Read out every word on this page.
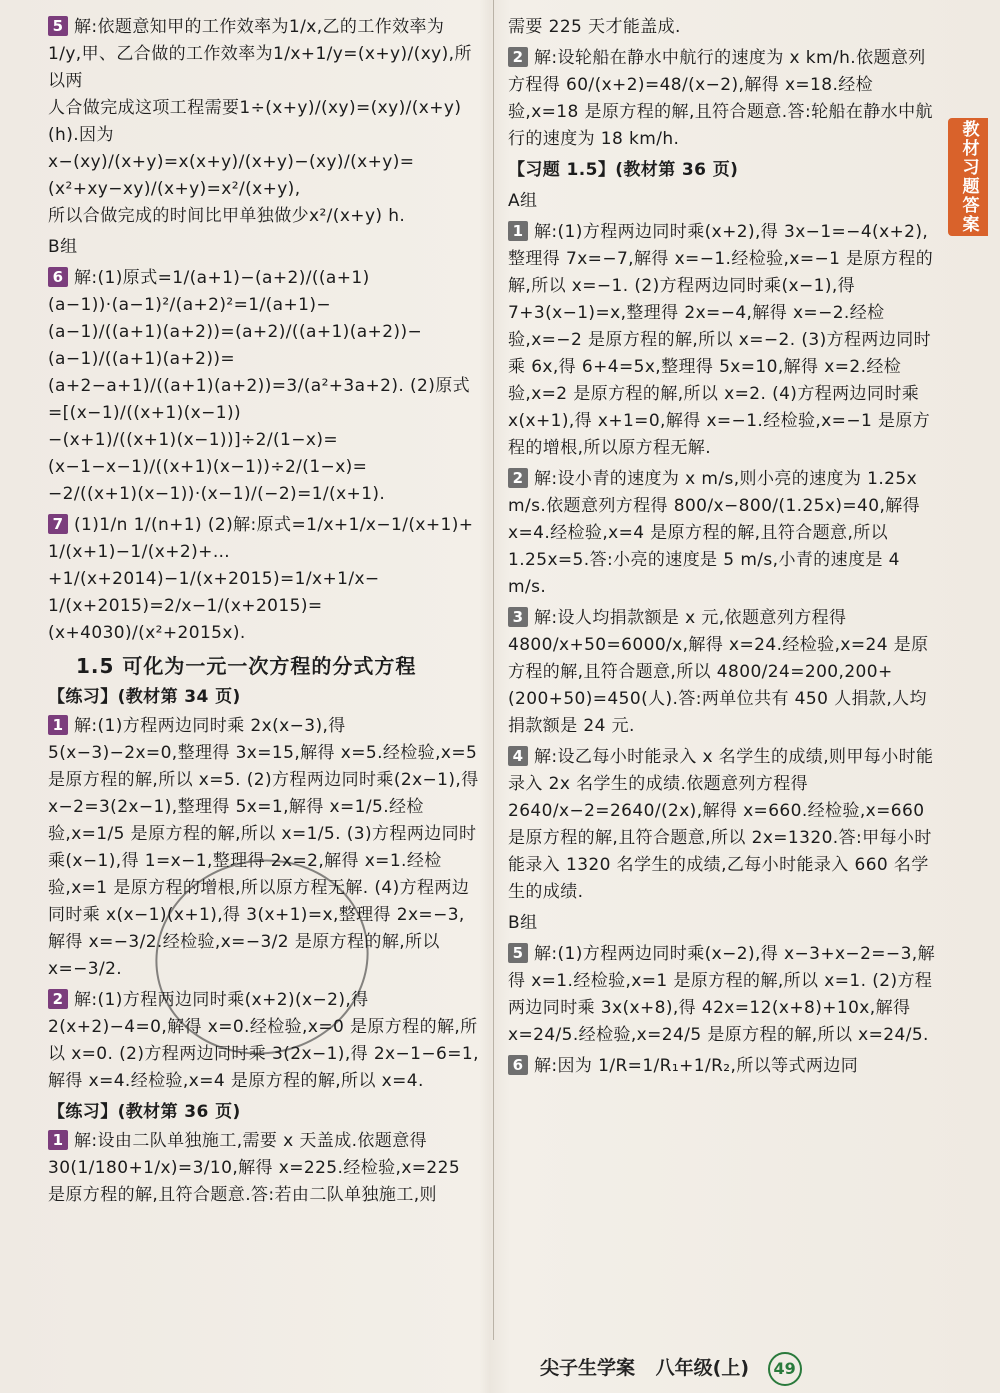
5 解:依题意知甲的工作效率为1/x,乙的工作效率为
1/y,甲、乙合做的工作效率为1/x+1/y=(x+y)/(xy),所以两
人合做完成这项工程需要1÷(x+y)/(xy)=(xy)/(x+y)(h).因为
x−(xy)/(x+y)=x(x+y)/(x+y)−(xy)/(x+y)=(x²+xy−xy)/(x+y)=x²/(x+y),
所以合做完成的时间比甲单独做少x²/(x+y) h.

B组

6 解:(1)原式=1/(a+1)−(a+2)/((a+1)(a−1))·(a−1)²/(a+2)²=1/(a+1)−
(a−1)/((a+1)(a+2))=(a+2)/((a+1)(a+2))−(a−1)/((a+1)(a+2))=
(a+2−a+1)/((a+1)(a+2))=3/(a²+3a+2). (2)原式=[(x−1)/((x+1)(x−1))
−(x+1)/((x+1)(x−1))]÷2/(1−x)=(x−1−x−1)/((x+1)(x−1))÷2/(1−x)=
−2/((x+1)(x−1))·(x−1)/(−2)=1/(x+1).

7 (1)1/n 1/(n+1) (2)解:原式=1/x+1/x−1/(x+1)+
1/(x+1)−1/(x+2)+…+1/(x+2014)−1/(x+2015)=1/x+1/x−
1/(x+2015)=2/x−1/(x+2015)=(x+4030)/(x²+2015x).

1.5 可化为一元一次方程的分式方程
【练习】(教材第 34 页)

1 解:(1)方程两边同时乘 2x(x−3),得 5(x−3)−2x=0,整理得 3x=15,解得 x=5.经检验,x=5 是原方程的解,所以 x=5. (2)方程两边同时乘(2x−1),得 x−2=3(2x−1),整理得 5x=1,解得 x=1/5.经检验,x=1/5 是原方程的解,所以 x=1/5. (3)方程两边同时乘(x−1),得 1=x−1,整理得 2x=2,解得 x=1.经检验,x=1 是原方程的增根,所以原方程无解. (4)方程两边同时乘 x(x−1)(x+1),得 3(x+1)=x,整理得 2x=−3,解得 x=−3/2.经检验,x=−3/2 是原方程的解,所以 x=−3/2.

2 解:(1)方程两边同时乘(x+2)(x−2),得 2(x+2)−4=0,解得 x=0.经检验,x=0 是原方程的解,所以 x=0. (2)方程两边同时乘 3(2x−1),得 2x−1−6=1,解得 x=4.经检验,x=4 是原方程的解,所以 x=4.

【练习】(教材第 36 页)

1 解:设由二队单独施工,需要 x 天盖成.依题意得 30(1/180+1/x)=3/10,解得 x=225.经检验,x=225 是原方程的解,且符合题意.答:若由二队单独施工,则

需要 225 天才能盖成.

2 解:设轮船在静水中航行的速度为 x km/h.依题意列方程得 60/(x+2)=48/(x−2),解得 x=18.经检验,x=18 是原方程的解,且符合题意.答:轮船在静水中航行的速度为 18 km/h.

【习题 1.5】(教材第 36 页)
A组

1 解:(1)方程两边同时乘(x+2),得 3x−1=−4(x+2),整理得 7x=−7,解得 x=−1.经检验,x=−1 是原方程的解,所以 x=−1. (2)方程两边同时乘(x−1),得 7+3(x−1)=x,整理得 2x=−4,解得 x=−2.经检验,x=−2 是原方程的解,所以 x=−2. (3)方程两边同时乘 6x,得 6+4=5x,整理得 5x=10,解得 x=2.经检验,x=2 是原方程的解,所以 x=2. (4)方程两边同时乘 x(x+1),得 x+1=0,解得 x=−1.经检验,x=−1 是原方程的增根,所以原方程无解.

2 解:设小青的速度为 x m/s,则小亮的速度为 1.25x m/s.依题意列方程得 800/x−800/(1.25x)=40,解得 x=4.经检验,x=4 是原方程的解,且符合题意,所以 1.25x=5.答:小亮的速度是 5 m/s,小青的速度是 4 m/s.

3 解:设人均捐款额是 x 元,依题意列方程得 4800/x+50=6000/x,解得 x=24.经检验,x=24 是原方程的解,且符合题意,所以 4800/24=200,200+(200+50)=450(人).答:两单位共有 450 人捐款,人均捐款额是 24 元.

4 解:设乙每小时能录入 x 名学生的成绩,则甲每小时能录入 2x 名学生的成绩.依题意列方程得 2640/x−2=2640/(2x),解得 x=660.经检验,x=660 是原方程的解,且符合题意,所以 2x=1320.答:甲每小时能录入 1320 名学生的成绩,乙每小时能录入 660 名学生的成绩.

B组

5 解:(1)方程两边同时乘(x−2),得 x−3+x−2=−3,解得 x=1.经检验,x=1 是原方程的解,所以 x=1. (2)方程两边同时乘 3x(x+8),得 42x=12(x+8)+10x,解得 x=24/5.经检验,x=24/5 是原方程的解,所以 x=24/5.

6 解:因为 1/R=1/R₁+1/R₂,所以等式两边同

教材习题答案
尖子生学案 八年级(上) 49
